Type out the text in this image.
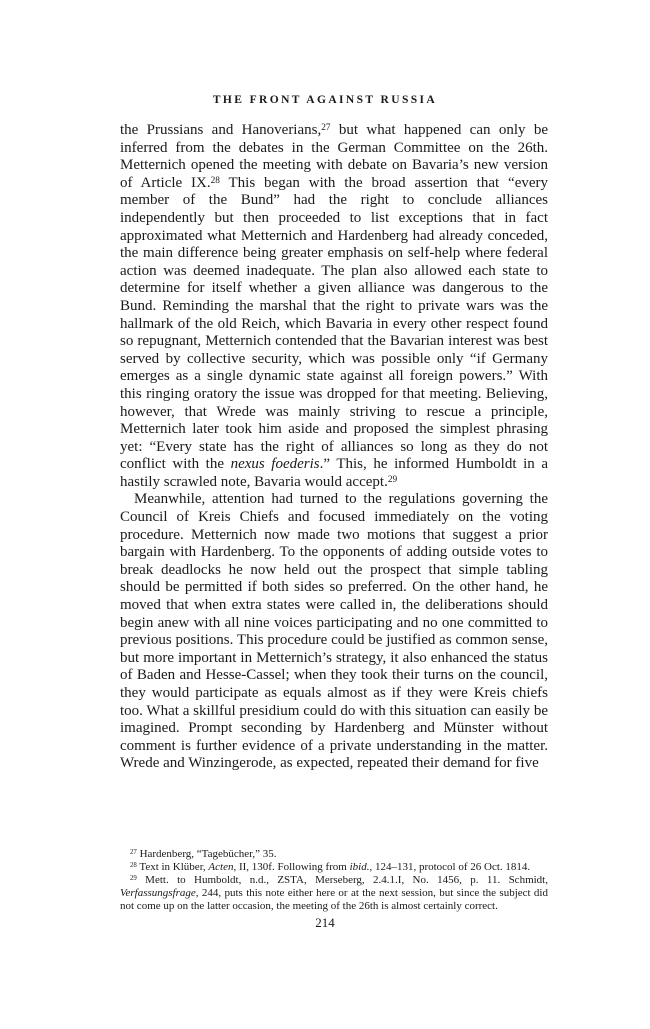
THE FRONT AGAINST RUSSIA

the Prussians and Hanoverians,$^{27}$ but what happened can only be inferred from the debates in the German Committee on the 26th. Metternich opened the meeting with debate on Bavaria’s new version of Article IX.$^{28}$ This began with the broad assertion that “every member of the Bund” had the right to conclude alliances independently but then proceeded to list exceptions that in fact approximated what Metternich and Hardenberg had already conceded, the main difference being greater emphasis on self-help where federal action was deemed inadequate. The plan also allowed each state to determine for itself whether a given alliance was dangerous to the Bund. Reminding the marshal that the right to private wars was the hallmark of the old Reich, which Bavaria in every other respect found so repugnant, Metternich contended that the Bavarian interest was best served by collective security, which was possible only “if Germany emerges as a single dynamic state against all foreign powers.” With this ringing oratory the issue was dropped for that meeting. Believing, however, that Wrede was mainly striving to rescue a principle, Metternich later took him aside and proposed the simplest phrasing yet: “Every state has the right of alliances so long as they do not conflict with the nexus foederis.” This, he informed Humboldt in a hastily scrawled note, Bavaria would accept.$^{29}$

Meanwhile, attention had turned to the regulations governing the Council of Kreis Chiefs and focused immediately on the voting procedure. Metternich now made two motions that suggest a prior bargain with Hardenberg. To the opponents of adding outside votes to break deadlocks he now held out the prospect that simple tabling should be permitted if both sides so preferred. On the other hand, he moved that when extra states were called in, the deliberations should begin anew with all nine voices participating and no one committed to previous positions. This procedure could be justified as common sense, but more important in Metternich’s strategy, it also enhanced the status of Baden and Hesse-Cassel; when they took their turns on the council, they would participate as equals almost as if they were Kreis chiefs too. What a skillful presidium could do with this situation can easily be imagined. Prompt seconding by Hardenberg and Münster without comment is further evidence of a private understanding in the matter. Wrede and Winzingerode, as expected, repeated their demand for five

$^{27}$ Hardenberg, “Tagebücher,” 35.

$^{28}$ Text in Klüber, Acten, II, 130f. Following from ibid., 124–131, protocol of 26 Oct. 1814.

$^{29}$ Mett. to Humboldt, n.d., ZSTA, Merseberg, 2.4.1.I, No. 1456, p. 11. Schmidt, Verfassungsfrage, 244, puts this note either here or at the next session, but since the subject did not come up on the latter occasion, the meeting of the 26th is almost certainly correct.

214
